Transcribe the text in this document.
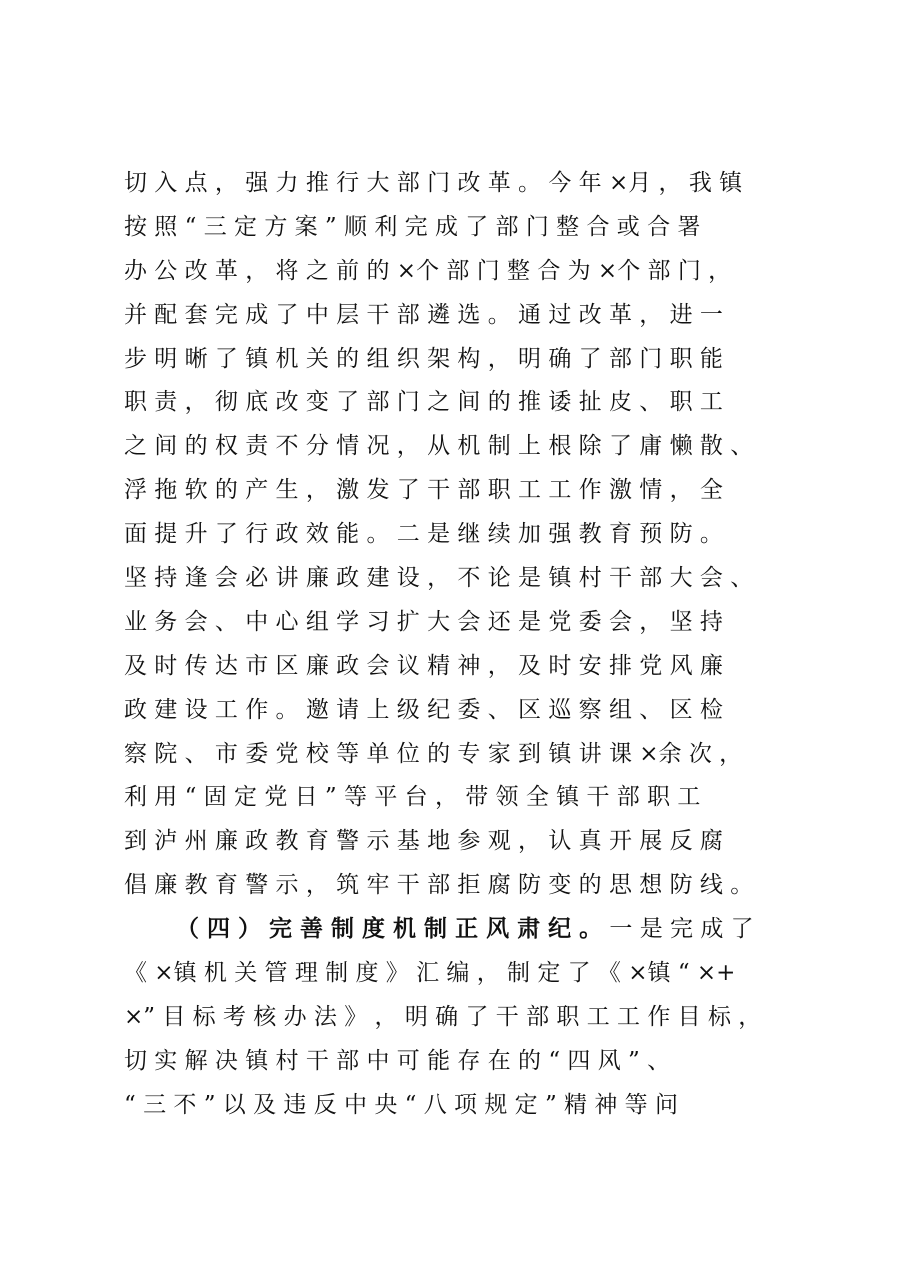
切 入 点 ， 强 力 推 行 大 部 门 改 革 。 今 年 ×月 ， 我 镇
按 照 “ 三 定 方 案 ” 顺 利 完 成 了 部 门 整 合 或 合 署
办 公 改 革 ， 将 之 前 的 ×个 部 门 整 合 为 ×个 部 门 ，
并 配 套 完 成 了 中 层 干 部 遴 选 。 通 过 改 革 ， 进 一
步 明 晰 了 镇 机 关 的 组 织 架 构 ， 明 确 了 部 门 职 能
职 责 ， 彻 底 改 变 了 部 门 之 间 的 推 诿 扯 皮 、 职 工
之 间 的 权 责 不 分 情 况 ， 从 机 制 上 根 除 了 庸 懒 散 、
浮 拖 软 的 产 生 ， 激 发 了 干 部 职 工 工 作 激 情 ， 全
面 提 升 了 行 政 效 能 。 二 是 继 续 加 强 教 育 预 防 。
坚 持 逢 会 必 讲 廉 政 建 设 ， 不 论 是 镇 村 干 部 大 会 、
业 务 会 、 中 心 组 学 习 扩 大 会 还 是 党 委 会 ， 坚 持
及 时 传 达 市 区 廉 政 会 议 精 神 ， 及 时 安 排 党 风 廉
政 建 设 工 作 。 邀 请 上 级 纪 委 、 区 巡 察 组 、 区 检
察 院 、 市 委 党 校 等 单 位 的 专 家 到 镇 讲 课 ×余 次 ，
利 用 “ 固 定 党 日 ” 等 平 台 ， 带 领 全 镇 干 部 职 工
到 泸 州 廉 政 教 育 警 示 基 地 参 观 ， 认 真 开 展 反 腐
倡 廉 教 育 警 示 ， 筑 牢 干 部 拒 腐 防 变 的 思 想 防 线 。
（ 四 ） 完 善 制 度 机 制 正 风 肃 纪 。 一 是 完 成 了
《 ×镇 机 关 管 理 制 度 》 汇 编 ， 制 定 了 《 ×镇 “ ×+
×” 目 标 考 核 办 法 》 ， 明 确 了 干 部 职 工 工 作 目 标 ，
切 实 解 决 镇 村 干 部 中 可 能 存 在 的 “ 四 风 ” 、
“ 三 不 ” 以 及 违 反 中 央 “ 八 项 规 定 ” 精 神 等 问
